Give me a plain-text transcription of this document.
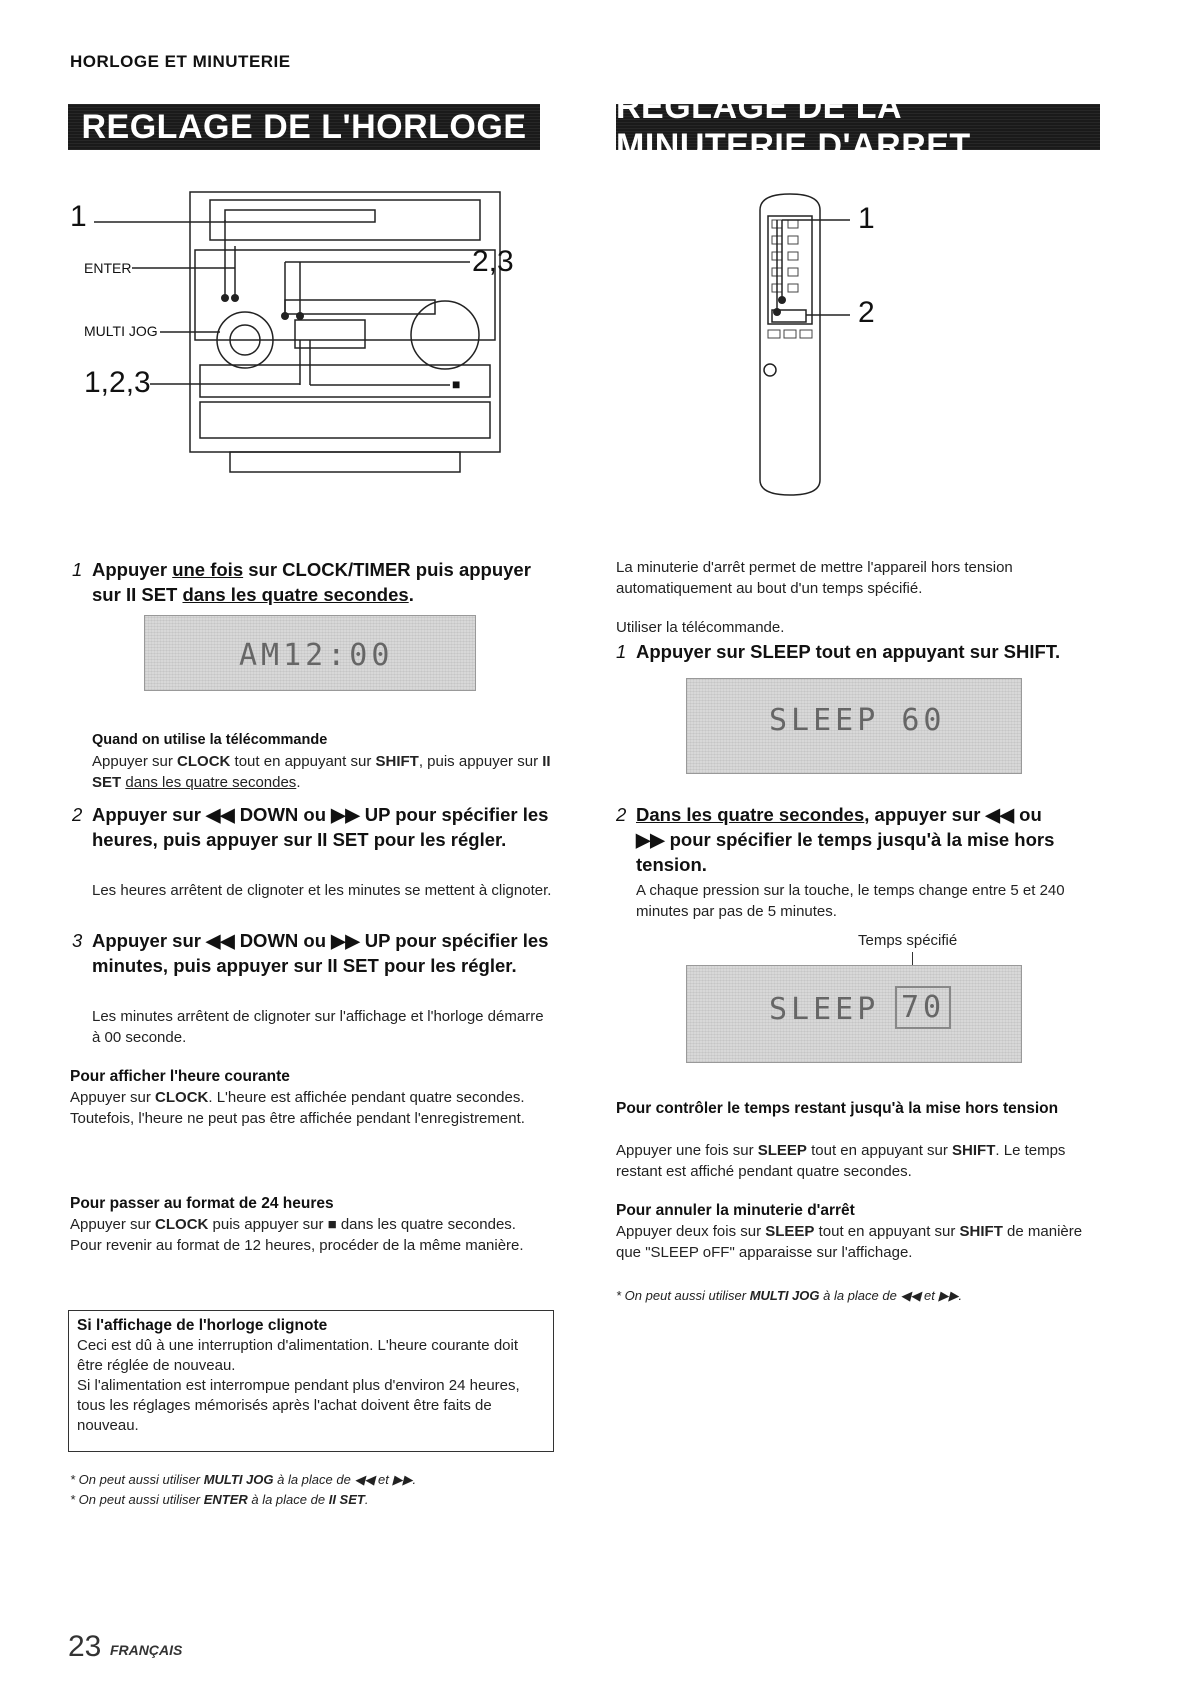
HORLOGE ET MINUTERIE
REGLAGE DE L'HORLOGE
REGLAGE DE LA MINUTERIE D'ARRET
1
ENTER
MULTI JOG
2,3
1,2,3	■
1
2
1 Appuyer une fois sur CLOCK/TIMER puis appuyer
sur II SET dans les quatre secondes.
AM12:00
Quand on utilise la télécommande
Appuyer sur CLOCK tout en appuyant sur SHIFT, puis appuyer sur II SET dans les quatre secondes.
2 Appuyer sur ◀◀ DOWN ou ▶▶ UP pour spécifier les heures, puis appuyer sur II SET pour les régler.
Les heures arrêtent de clignoter et les minutes se mettent à clignoter.
3 Appuyer sur ◀◀ DOWN ou ▶▶ UP pour spécifier les minutes, puis appuyer sur II SET pour les régler.
Les minutes arrêtent de clignoter sur l'affichage et l'horloge démarre à 00 seconde.
Pour afficher l'heure courante
Appuyer sur CLOCK. L'heure est affichée pendant quatre secondes.
Toutefois, l'heure ne peut pas être affichée pendant l'enregistrement.
Pour passer au format de 24 heures
Appuyer sur CLOCK puis appuyer sur ■ dans les quatre secondes.
Pour revenir au format de 12 heures, procéder de la même manière.
Si l'affichage de l'horloge clignote
Ceci est dû à une interruption d'alimentation. L'heure courante doit être réglée de nouveau.
Si l'alimentation est interrompue pendant plus d'environ 24 heures, tous les réglages mémorisés après l'achat doivent être faits de nouveau.
* On peut aussi utiliser MULTI JOG à la place de ◀◀ et ▶▶.
* On peut aussi utiliser ENTER à la place de II SET.
La minuterie d'arrêt permet de mettre l'appareil hors tension automatiquement au bout d'un temps spécifié.
Utiliser la télécommande.
1 Appuyer sur SLEEP tout en appuyant sur SHIFT.
SLEEP 60
2 Dans les quatre secondes, appuyer sur ◀◀ ou
▶▶ pour spécifier le temps jusqu'à la mise hors tension.
A chaque pression sur la touche, le temps change entre 5 et 240 minutes par pas de 5 minutes.
Temps spécifié
SLEEP 70
Pour contrôler le temps restant jusqu'à la mise hors tension
Appuyer une fois sur SLEEP tout en appuyant sur SHIFT. Le temps restant est affiché pendant quatre secondes.
Pour annuler la minuterie d'arrêt
Appuyer deux fois sur SLEEP tout en appuyant sur SHIFT de manière que "SLEEP oFF" apparaisse sur l'affichage.
* On peut aussi utiliser MULTI JOG à la place de ◀◀ et ▶▶.
23 FRANÇAIS
